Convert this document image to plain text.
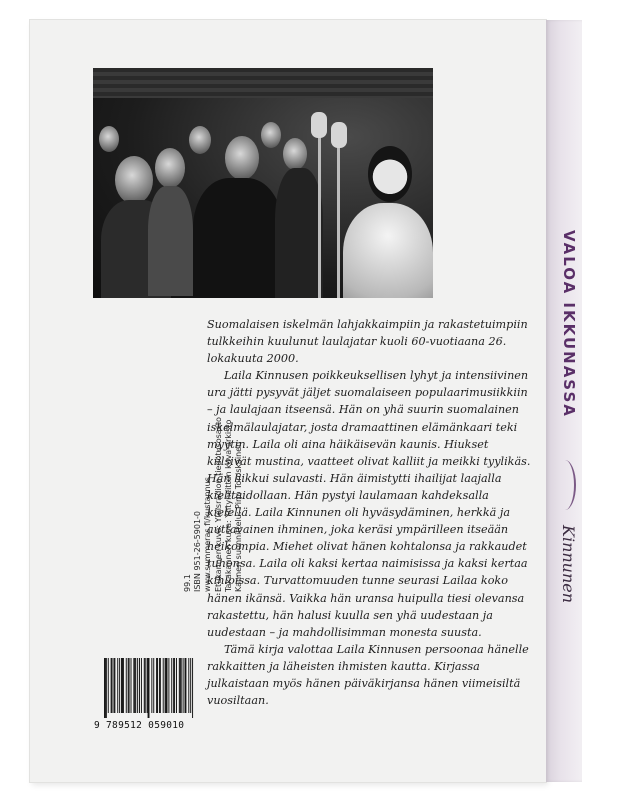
VALOA IKKUNASSA
Kinnunen

Suomalaisen iskelmän lahjakkaimpiin ja rakastetuimpiin tulkkeihin kuulunut laulajatar kuoli 60-vuotiaana 26. lokakuuta 2000.

Laila Kinnusen poikkeuksellisen lyhyt ja intensiivinen ura jätti pysyvät jäljet suomalaiseen populaarimusiikkiin – ja laulajaan itseensä. Hän on yhä suurin suomalainen iskelmälaulajatar, josta dramaattinen elämänkaari teki myytin. Laila oli aina häikäisevän kaunis. Hiukset kiilsivät mustina, vaatteet olivat kalliit ja meikki tyylikäs. Hän liikkui sulavasti. Hän äimistytti ihailijat laajalla kielitaidollaan. Hän pystyi laulamaan kahdeksalla kielellä. Laila Kinnunen oli hyväsydäminen, herkkä ja auttavainen ihminen, joka keräsi ympärilleen itseään heikompia. Miehet olivat hänen kohtalonsa ja rakkaudet tuhonsa. Laila oli kaksi kertaa naimisissa ja kaksi kertaa kihloissa. Turvattomuuden tunne seurasi Lailaa koko hänen ikänsä. Vaikka hän uransa huipulla tiesi olevansa rakastettu, hän halusi kuulla sen yhä uudestaan ja uudestaan – ja mahdollisimman monesta suusta.

Tämä kirja valottaa Laila Kinnusen persoonaa hänelle rakkaitten ja läheisten ihmisten kautta. Kirjassa julkaistaan myös hänen päiväkirjansa hänen viimeisiltä vuosiltaan.

99.1 ISBN 951-26-5901-0 www.summeras.fi/kustannus Etukannen kuva: Yleisradion tiedotusosasto Takakannen kuva: Yhtyneitten kuva-arkisto Kannen suunnittelu: Pirjo Toroskainen
9 789512 059010
